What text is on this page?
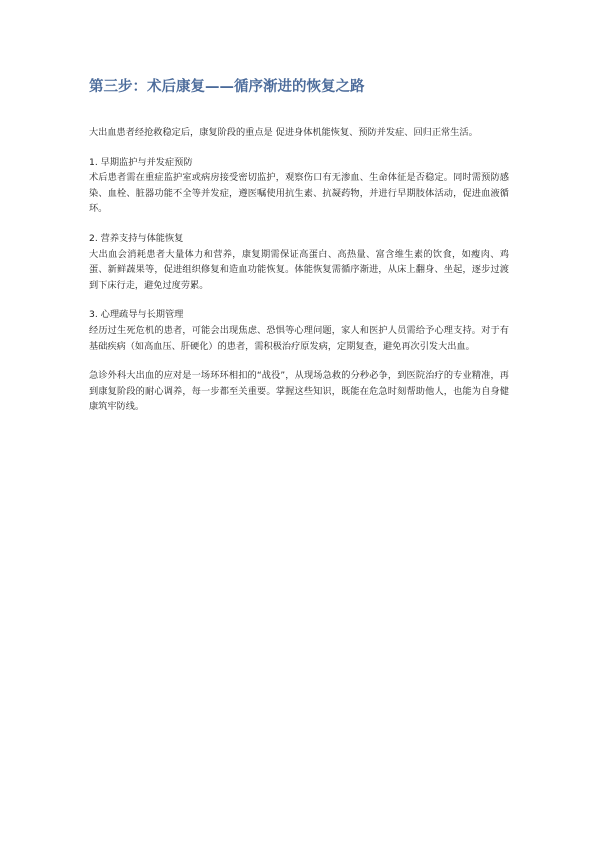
第三步：术后康复——循序渐进的恢复之路

大出血患者经抢救稳定后，康复阶段的重点是 促进身体机能恢复、预防并发症、回归正常生活。

1. 早期监护与并发症预防

术后患者需在重症监护室或病房接受密切监护，观察伤口有无渗血、生命体征是否稳定。同时需预防感染、血栓、脏器功能不全等并发症，遵医嘱使用抗生素、抗凝药物，并进行早期肢体活动，促进血液循环。

2. 营养支持与体能恢复

大出血会消耗患者大量体力和营养，康复期需保证高蛋白、高热量、富含维生素的饮食，如瘦肉、鸡蛋、新鲜蔬果等，促进组织修复和造血功能恢复。体能恢复需循序渐进，从床上翻身、坐起，逐步过渡到下床行走，避免过度劳累。

3. 心理疏导与长期管理

经历过生死危机的患者，可能会出现焦虑、恐惧等心理问题，家人和医护人员需给予心理支持。对于有基础疾病（如高血压、肝硬化）的患者，需积极治疗原发病，定期复查，避免再次引发大出血。

急诊外科大出血的应对是一场环环相扣的“战役”，从现场急救的分秒必争，到医院治疗的专业精准，再到康复阶段的耐心调养，每一步都至关重要。掌握这些知识，既能在危急时刻帮助他人，也能为自身健康筑牢防线。
